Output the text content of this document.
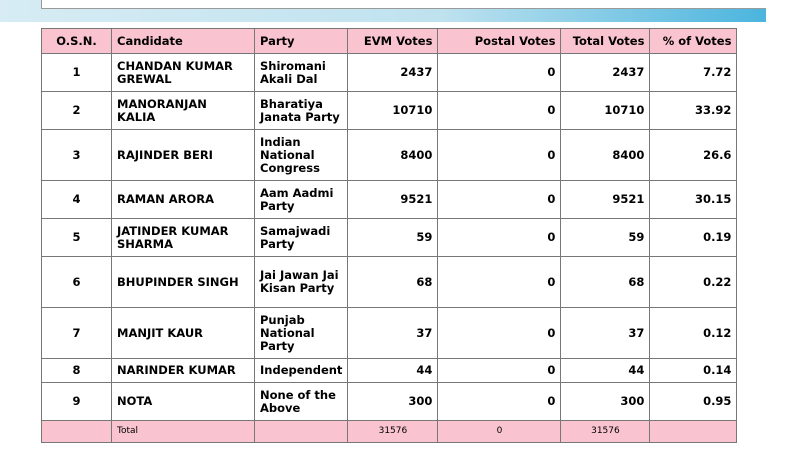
O.S.N.	Candidate	Party	EVM Votes	Postal Votes	Total Votes	% of Votes
1	CHANDAN KUMAR GREWAL	Shiromani Akali Dal	2437	0	2437	7.72
2	MANORANJAN KALIA	Bharatiya Janata Party	10710	0	10710	33.92
3	RAJINDER BERI	Indian National Congress	8400	0	8400	26.6
4	RAMAN ARORA	Aam Aadmi Party	9521	0	9521	30.15
5	JATINDER KUMAR SHARMA	Samajwadi Party	59	0	59	0.19
6	BHUPINDER SINGH	Jai Jawan Jai Kisan Party	68	0	68	0.22
7	MANJIT KAUR	Punjab National Party	37	0	37	0.12
8	NARINDER KUMAR	Independent	44	0	44	0.14
9	NOTA	None of the Above	300	0	300	0.95
	Total		31576	0	31576	
